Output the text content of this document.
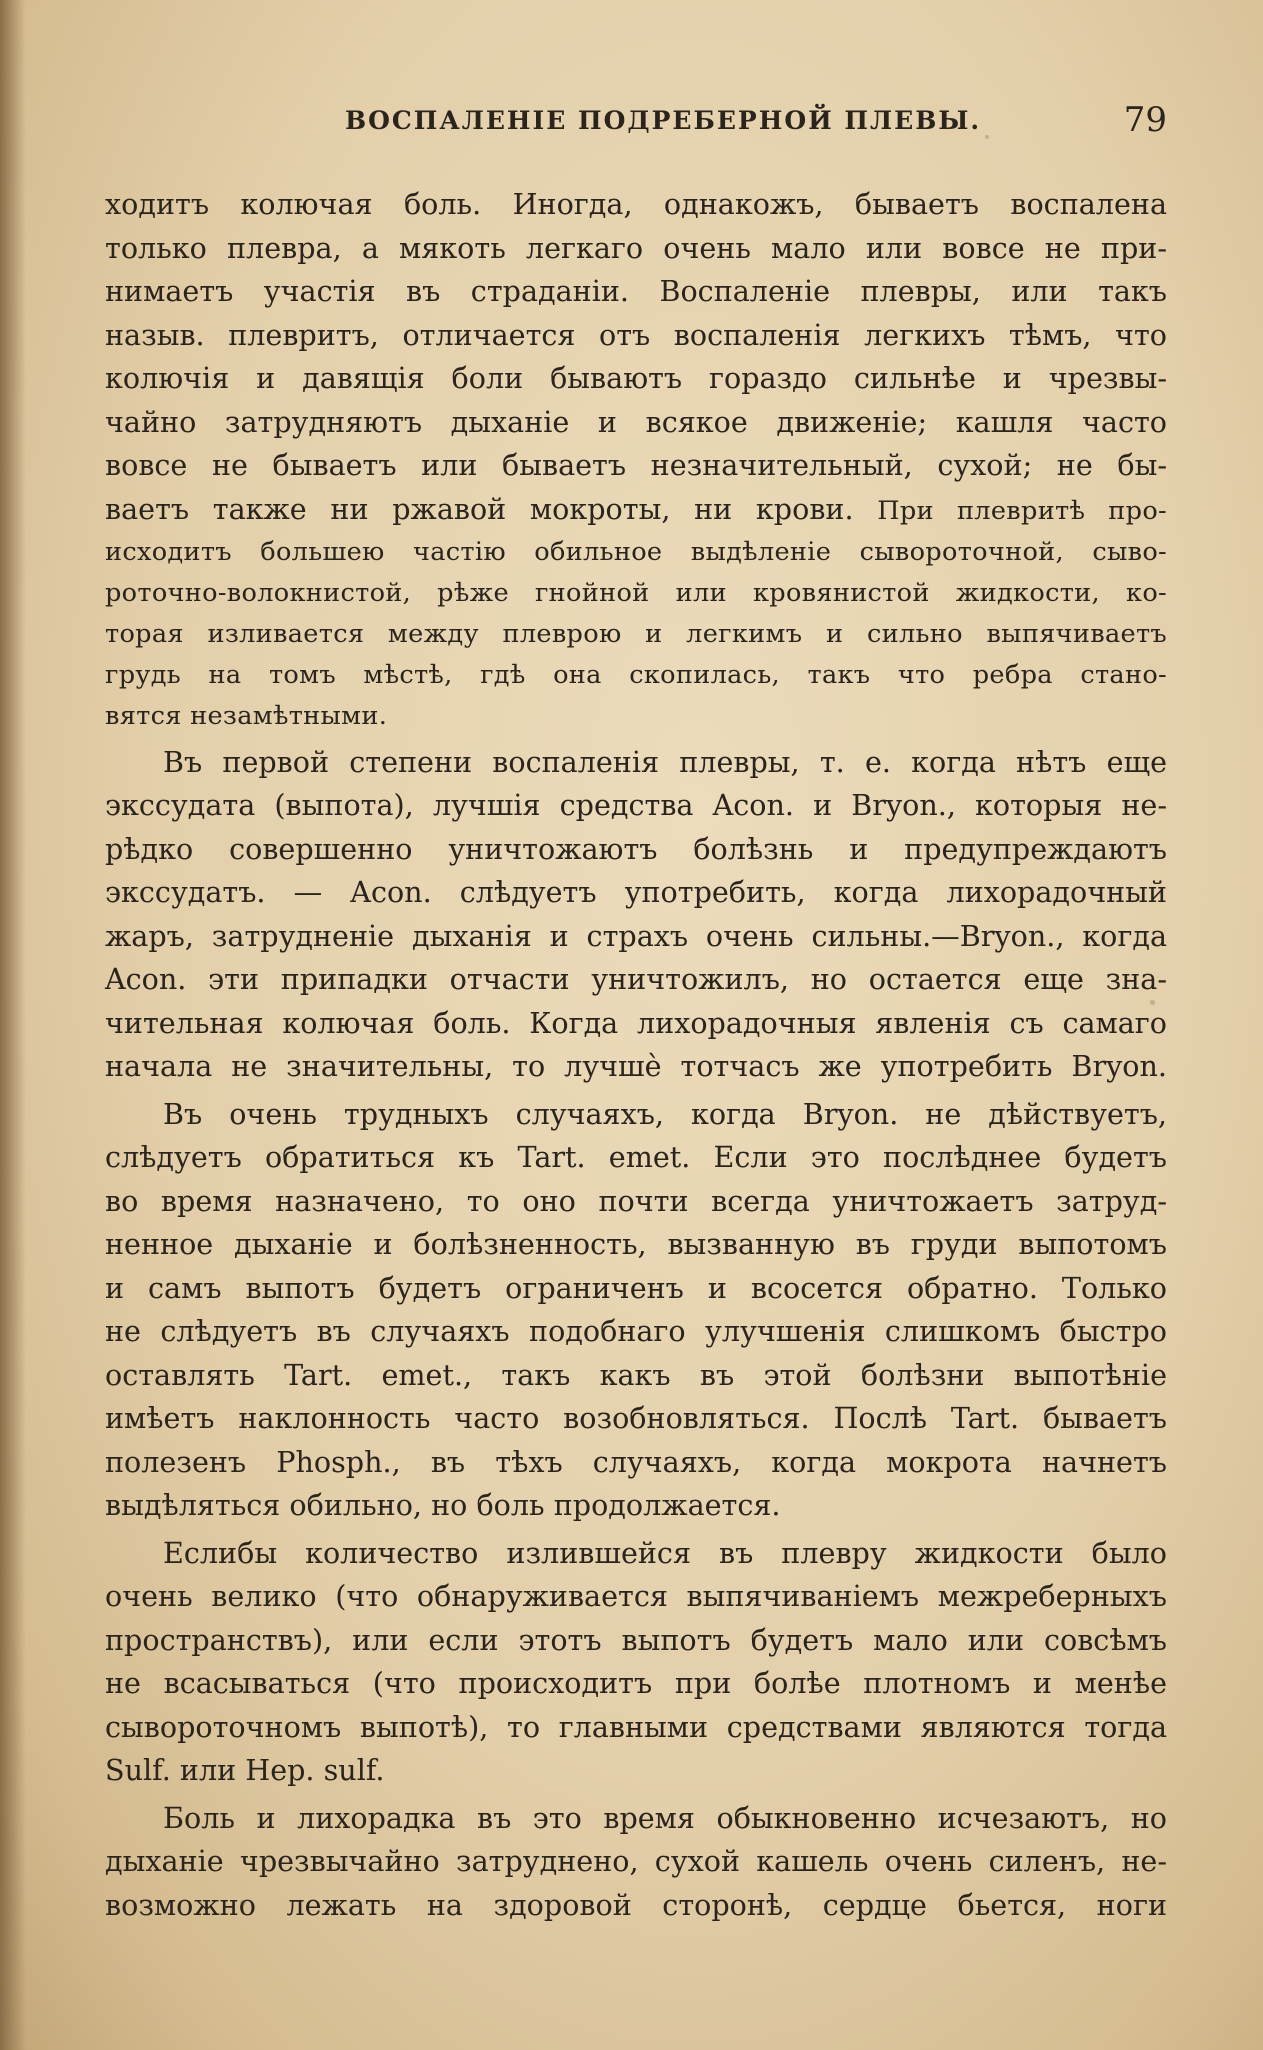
ВОСПАЛЕНІЕ ПОДРЕБЕРНОЙ ПЛЕВЫ.	79
ходитъ колючая боль. Иногда, однакожъ, бываетъ воспалена
только плевра, а мякоть легкаго очень мало или вовсе не при-
нимаетъ участія въ страданіи. Воспаленіе плевры, или такъ
назыв. плевритъ, отличается отъ воспаленія легкихъ тѣмъ, что
колючія и давящія боли бываютъ гораздо сильнѣе и чрезвы-
чайно затрудняютъ дыханіе и всякое движеніе; кашля часто
вовсе не бываетъ или бываетъ незначительный, сухой; не бы-
ваетъ также ни ржавой мокроты, ни крови. При плевритѣ про-
исходитъ большею частію обильное выдѣленіе сывороточной, сыво-
роточно-волокнистой, рѣже гнойной или кровянистой жидкости, ко-
торая изливается между плеврою и легкимъ и сильно выпячиваетъ
грудь на томъ мѣстѣ, гдѣ она скопилась, такъ что ребра стано-
вятся незамѣтными.
Въ первой степени воспаленія плевры, т. е. когда нѣтъ еще
экссудата (выпота), лучшія средства Acon. и Bryon., которыя не-
рѣдко совершенно уничтожаютъ болѣзнь и предупреждаютъ
экссудатъ. — Acon. слѣдуетъ употребить, когда лихорадочный
жаръ, затрудненіе дыханія и страхъ очень сильны.—Bryon., когда
Acon. эти припадки отчасти уничтожилъ, но остается еще зна-
чительная колючая боль. Когда лихорадочныя явленія съ самаго
начала не значительны, то лучшѐ тотчасъ же употребить Bryon.
Въ очень трудныхъ случаяхъ, когда Bryon. не дѣйствуетъ,
слѣдуетъ обратиться къ Tart. emet. Если это послѣднее будетъ
во время назначено, то оно почти всегда уничтожаетъ затруд-
ненное дыханіе и болѣзненность, вызванную въ груди выпотомъ
и самъ выпотъ будетъ ограниченъ и всосется обратно. Только
не слѣдуетъ въ случаяхъ подобнаго улучшенія слишкомъ быстро
оставлять Tart. emet., такъ какъ въ этой болѣзни выпотѣніе
имѣетъ наклонность часто возобновляться. Послѣ Tart. бываетъ
полезенъ Phosph., въ тѣхъ случаяхъ, когда мокрота начнетъ
выдѣляться обильно, но боль продолжается.
Еслибы количество излившейся въ плевру жидкости было
очень велико (что обнаруживается выпячиваніемъ межреберныхъ
пространствъ), или если этотъ выпотъ будетъ мало или совсѣмъ
не всасываться (что происходитъ при болѣе плотномъ и менѣе
сывороточномъ выпотѣ), то главными средствами являются тогда
Sulf. или Hep. sulf.
Боль и лихорадка въ это время обыкновенно исчезаютъ, но
дыханіе чрезвычайно затруднено, сухой кашель очень силенъ, не-
возможно лежать на здоровой сторонѣ, сердце бьется, ноги
